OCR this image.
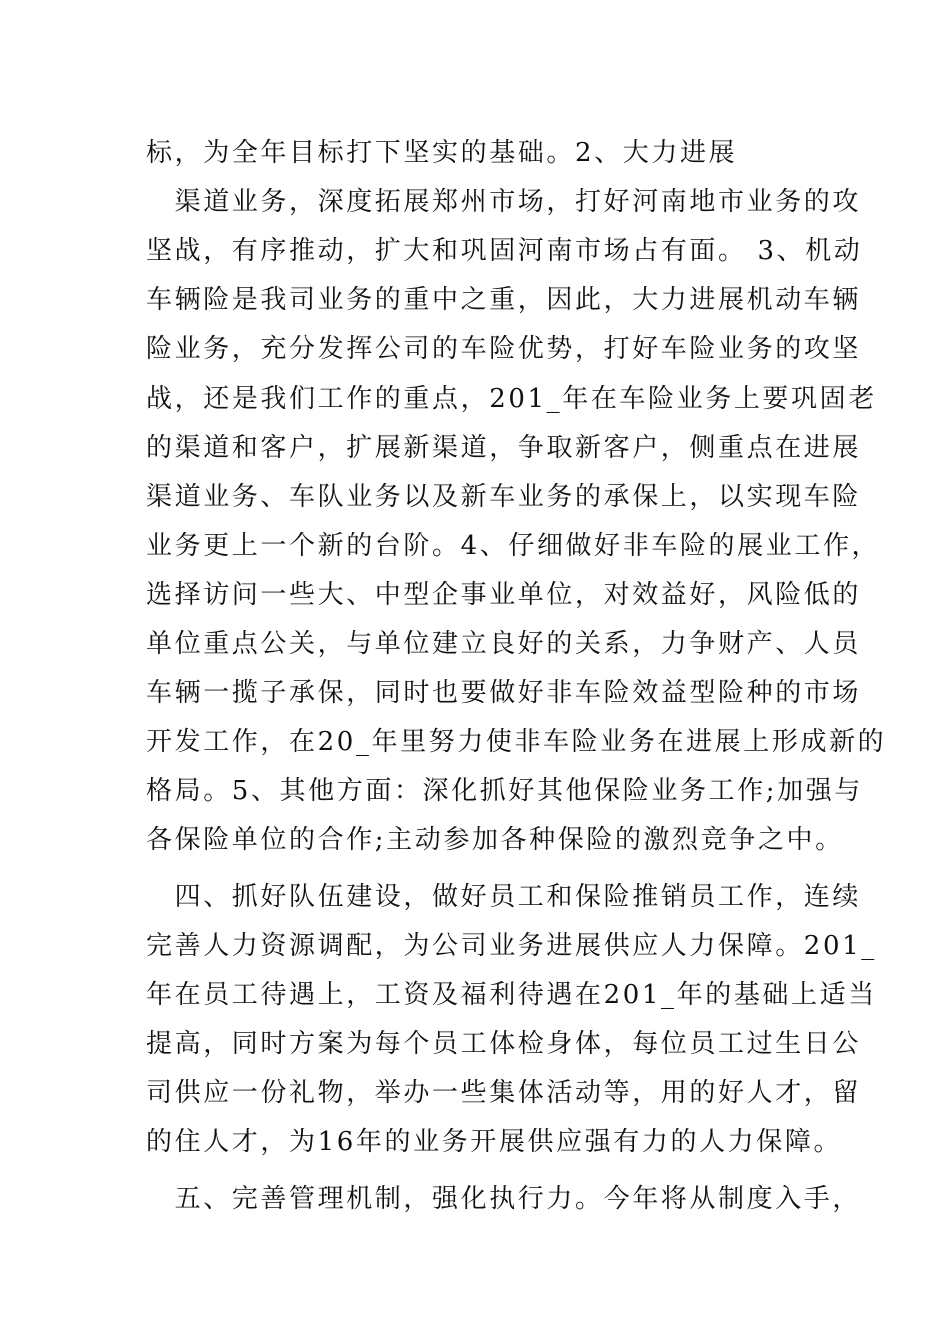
标，为全年目标打下坚实的基础。2、大力进展
　渠道业务，深度拓展郑州市场，打好河南地市业务的攻
坚战，有序推动，扩大和巩固河南市场占有面。 3、机动
车辆险是我司业务的重中之重，因此，大力进展机动车辆
险业务，充分发挥公司的车险优势，打好车险业务的攻坚
战，还是我们工作的重点，201_年在车险业务上要巩固老
的渠道和客户，扩展新渠道，争取新客户，侧重点在进展
渠道业务、车队业务以及新车业务的承保上，以实现车险
业务更上一个新的台阶。4、仔细做好非车险的展业工作，
选择访问一些大、中型企事业单位，对效益好，风险低的
单位重点公关，与单位建立良好的关系，力争财产、人员
车辆一揽子承保，同时也要做好非车险效益型险种的市场
开发工作，在20_年里努力使非车险业务在进展上形成新的
格局。5、其他方面：深化抓好其他保险业务工作;加强与
各保险单位的合作;主动参加各种保险的激烈竞争之中。
　四、抓好队伍建设，做好员工和保险推销员工作，连续
完善人力资源调配，为公司业务进展供应人力保障。201_
年在员工待遇上，工资及福利待遇在201_年的基础上适当
提高，同时方案为每个员工体检身体，每位员工过生日公
司供应一份礼物，举办一些集体活动等，用的好人才，留
的住人才，为16年的业务开展供应强有力的人力保障。
　五、完善管理机制，强化执行力。今年将从制度入手，
